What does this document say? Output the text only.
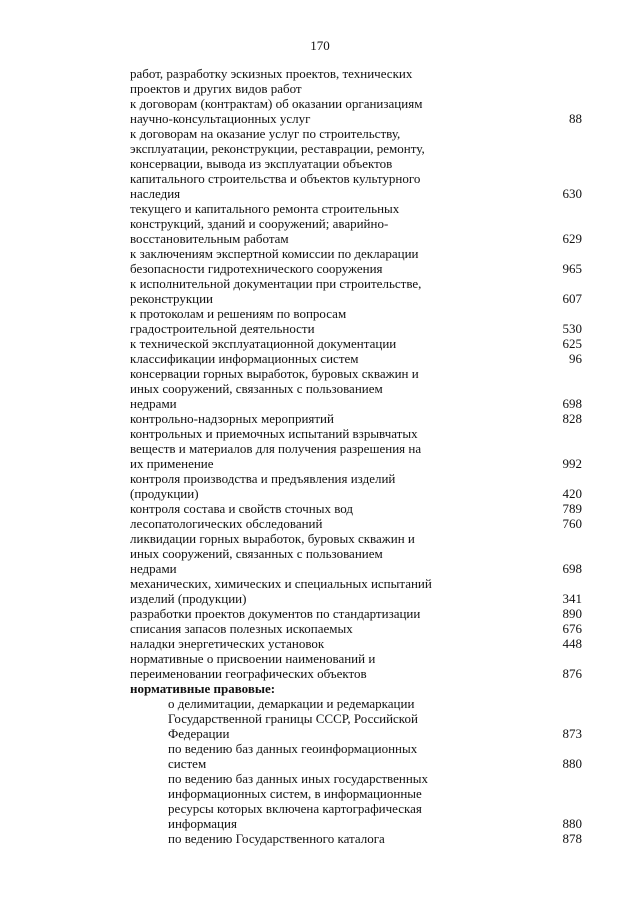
170
работ, разработку эскизных проектов, технических
проектов и других видов работ
к договорам (контрактам) об оказании организациям
научно-консультационных услуг	88
к договорам на оказание услуг по строительству,
эксплуатации, реконструкции, реставрации, ремонту,
консервации, вывода из эксплуатации объектов
капитального строительства и объектов культурного
наследия	630
текущего и капитального ремонта строительных
конструкций, зданий и сооружений; аварийно-
восстановительным работам	629
к заключениям экспертной комиссии по декларации
безопасности гидротехнического сооружения	965
к исполнительной документации при строительстве,
реконструкции	607
к протоколам и решениям по вопросам
градостроительной деятельности	530
к технической эксплуатационной документации	625
классификации информационных систем	96
консервации горных выработок, буровых скважин и
иных сооружений, связанных с пользованием
недрами	698
контрольно-надзорных мероприятий	828
контрольных и приемочных испытаний взрывчатых
веществ и материалов для получения разрешения на
их применение	992
контроля производства и предъявления изделий
(продукции)	420
контроля состава и свойств сточных вод	789
лесопатологических обследований	760
ликвидации горных выработок, буровых скважин и
иных сооружений, связанных с пользованием
недрами	698
механических, химических и специальных испытаний
изделий (продукции)	341
разработки проектов документов по стандартизации	890
списания запасов полезных ископаемых	676
наладки энергетических установок	448
нормативные о присвоении наименований и
переименовании географических объектов	876
нормативные правовые:
о делимитации, демаркации и редемаркации
Государственной границы СССР, Российской
Федерации	873
по ведению баз данных геоинформационных
систем	880
по ведению баз данных иных государственных
информационных систем, в информационные
ресурсы которых включена картографическая
информация	880
по ведению Государственного каталога	878
